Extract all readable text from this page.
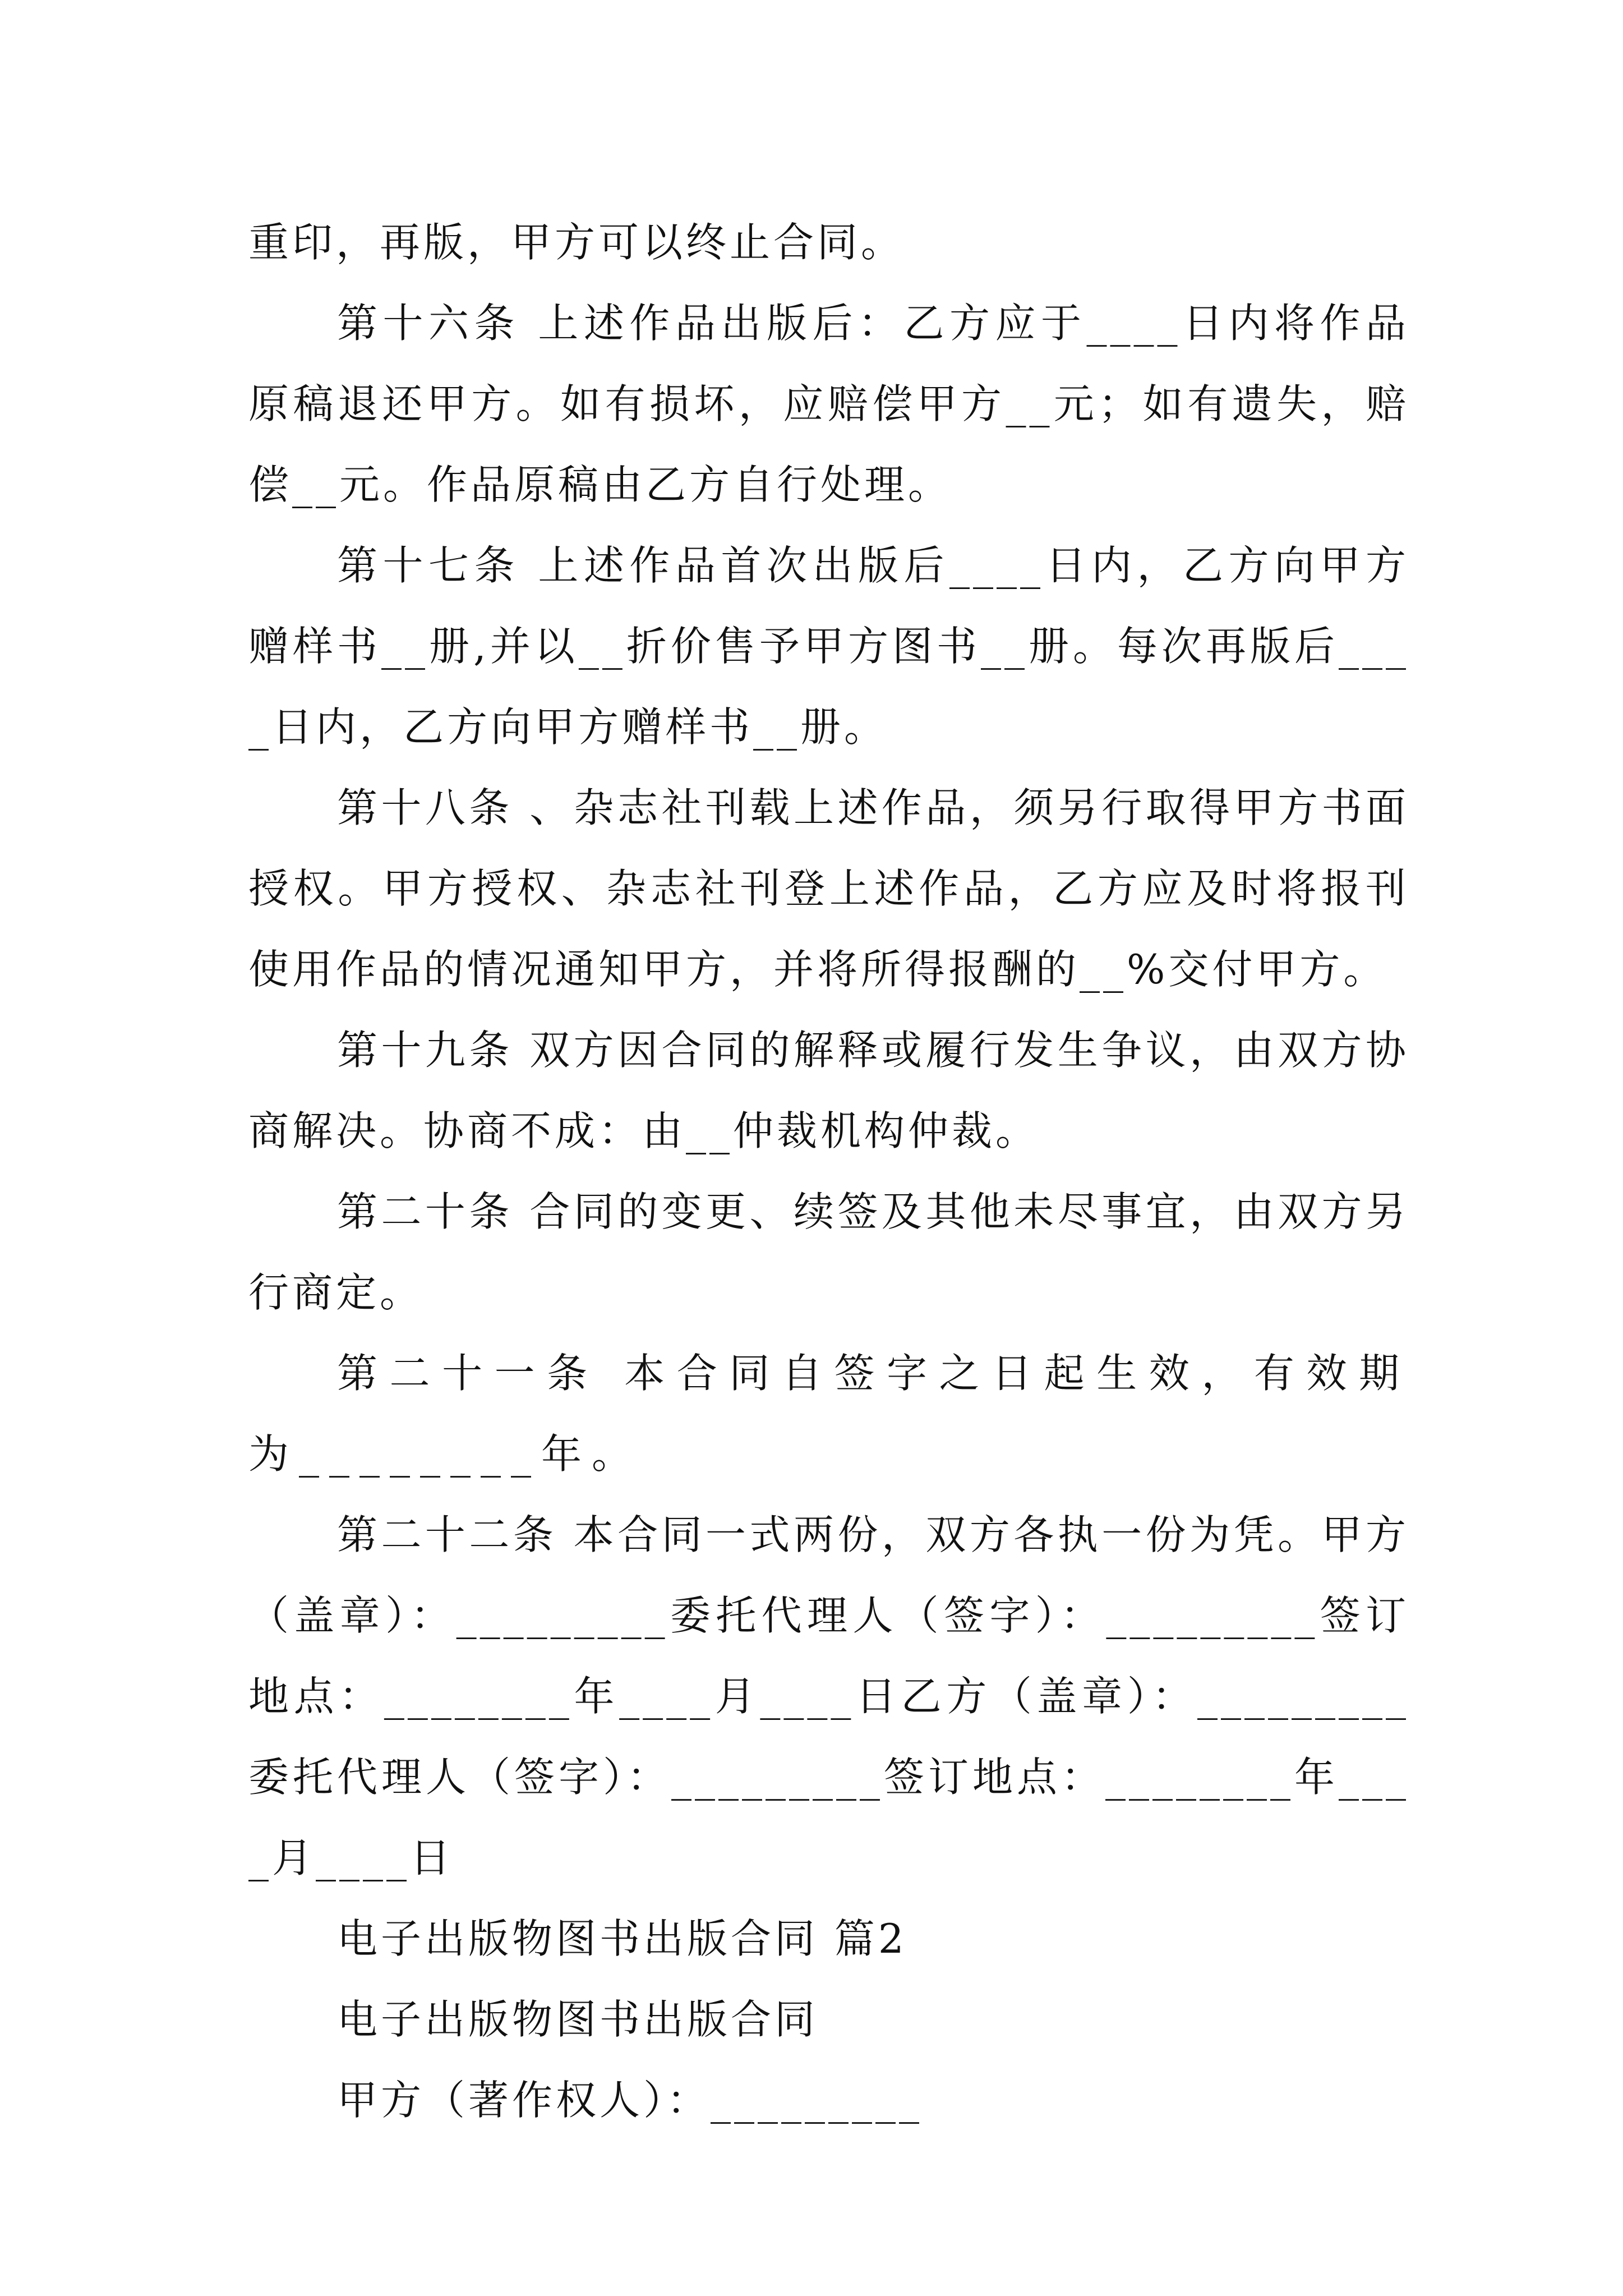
重印，再版，甲方可以终止合同。

第十六条 上述作品出版后：乙方应于____日内将作品原稿退还甲方。如有损坏，应赔偿甲方__元；如有遗失，赔偿__元。作品原稿由乙方自行处理。

第十七条 上述作品首次出版后____日内，乙方向甲方赠样书__册,并以__折价售予甲方图书__册。每次再版后____日内，乙方向甲方赠样书__册。

第十八条 、杂志社刊载上述作品，须另行取得甲方书面授权。甲方授权、杂志社刊登上述作品，乙方应及时将报刊使用作品的情况通知甲方，并将所得报酬的__%交付甲方。

第十九条 双方因合同的解释或履行发生争议，由双方协商解决。协商不成：由__仲裁机构仲裁。

第二十条 合同的变更、续签及其他未尽事宜，由双方另行商定。

第二十一条 本合同自签字之日起生效，有效期为________年。

第二十二条 本合同一式两份，双方各执一份为凭。甲方（盖章）：_________委托代理人（签字）：_________签订地点：________年____月____日乙方（盖章）：_________委托代理人（签字）：_________签订地点：________年____月____日

电子出版物图书出版合同 篇2

电子出版物图书出版合同

甲方（著作权人）：_________
